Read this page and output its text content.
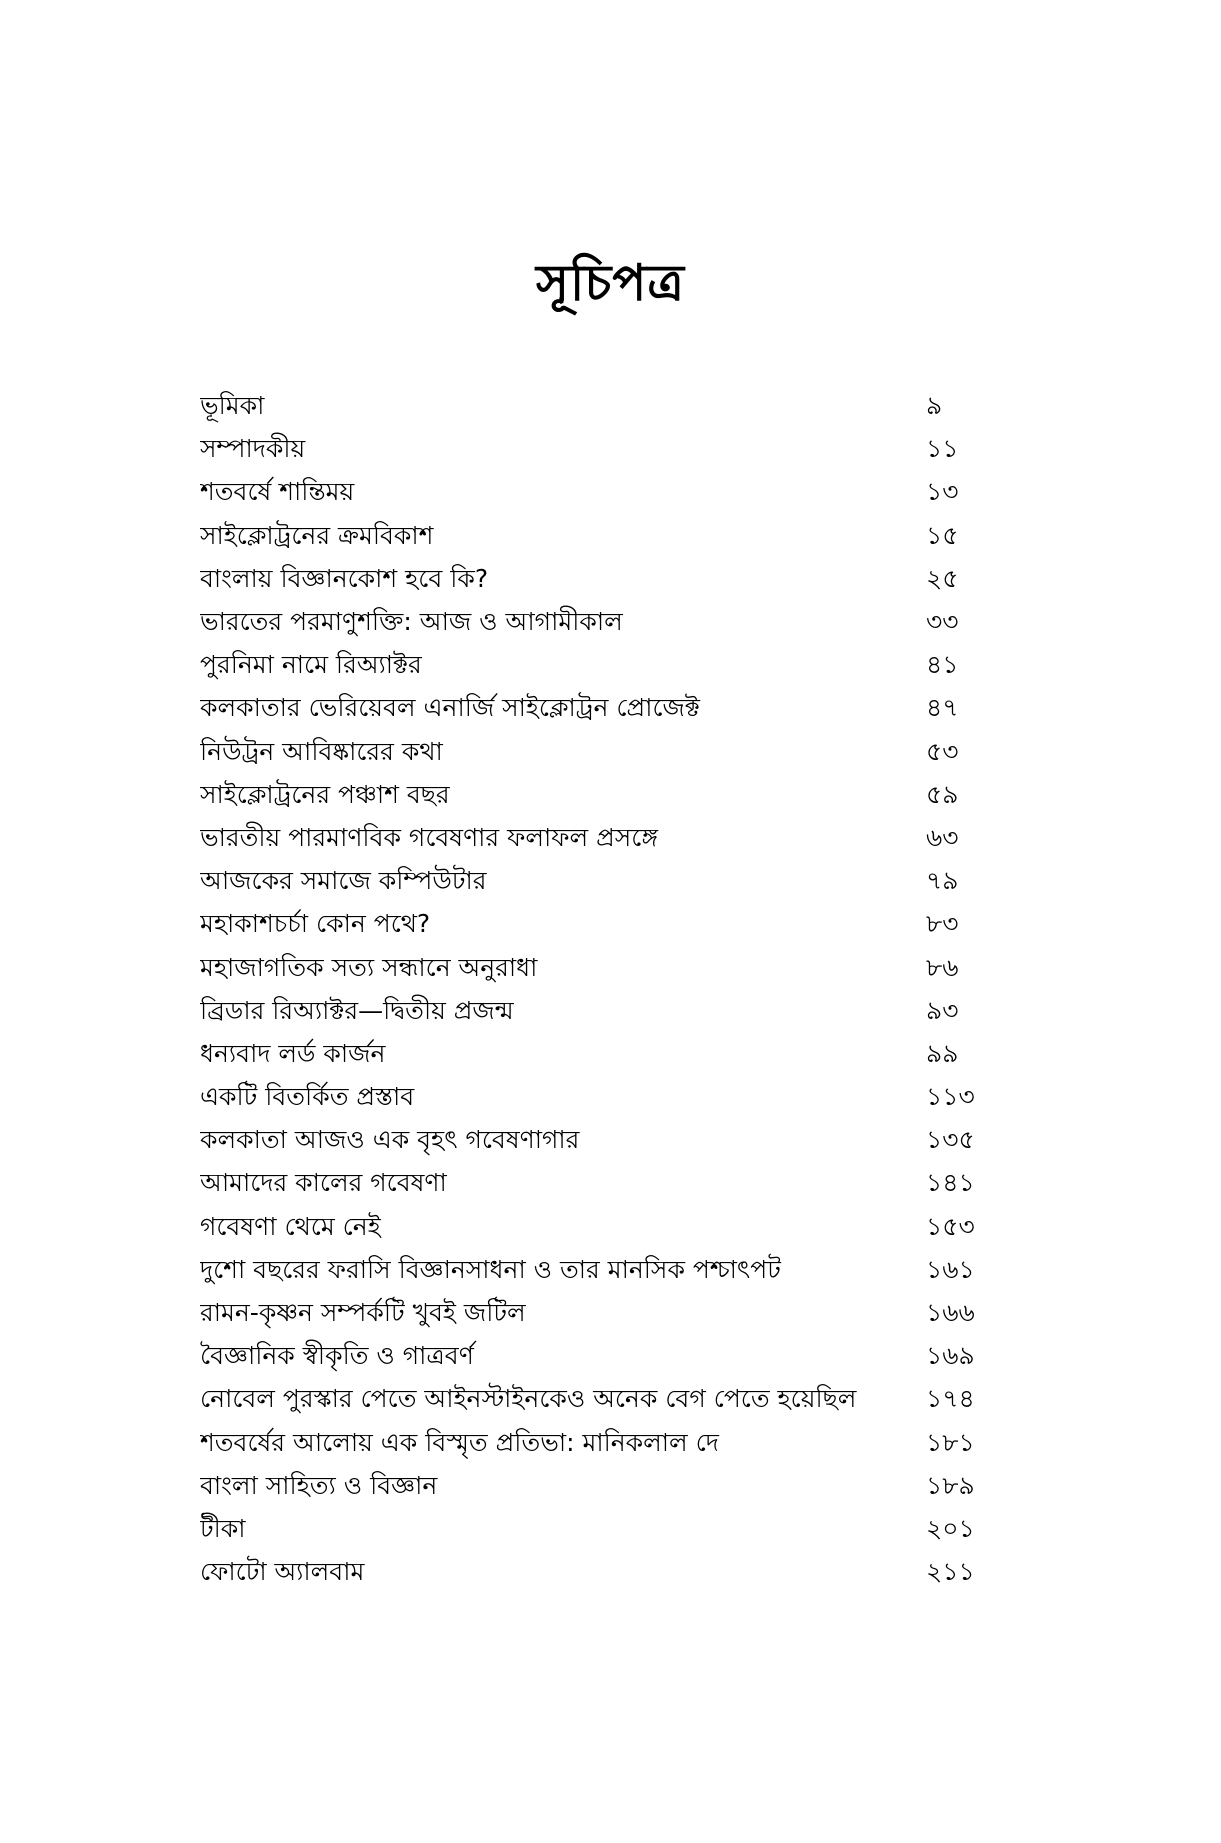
সূচিপত্র
ভূমিকা	৯
সম্পাদকীয়	১১
শতবর্ষে শান্তিময়	১৩
সাইক্লোট্রনের ক্রমবিকাশ	১৫
বাংলায় বিজ্ঞানকোশ হবে কি?	২৫
ভারতের পরমাণুশক্তি: আজ ও আগামীকাল	৩৩
পুরনিমা নামে রিঅ্যাক্টর	৪১
কলকাতার ভেরিয়েবল এনার্জি সাইক্লোট্রন প্রোজেক্ট	৪৭
নিউট্রন আবিষ্কারের কথা	৫৩
সাইক্লোট্রনের পঞ্চাশ বছর	৫৯
ভারতীয় পারমাণবিক গবেষণার ফলাফল প্রসঙ্গে	৬৩
আজকের সমাজে কম্পিউটার	৭৯
মহাকাশচর্চা কোন পথে?	৮৩
মহাজাগতিক সত্য সন্ধানে অনুরাধা	৮৬
ব্রিডার রিঅ্যাক্টর—দ্বিতীয় প্রজন্ম	৯৩
ধন্যবাদ লর্ড কার্জন	৯৯
একটি বিতর্কিত প্রস্তাব	১১৩
কলকাতা আজও এক বৃহৎ গবেষণাগার	১৩৫
আমাদের কালের গবেষণা	১৪১
গবেষণা থেমে নেই	১৫৩
দুশো বছরের ফরাসি বিজ্ঞানসাধনা ও তার মানসিক পশ্চাৎপট	১৬১
রামন-কৃষ্ণন সম্পর্কটি খুবই জটিল	১৬৬
বৈজ্ঞানিক স্বীকৃতি ও গাত্রবর্ণ	১৬৯
নোবেল পুরস্কার পেতে আইনস্টাইনকেও অনেক বেগ পেতে হয়েছিল	১৭৪
শতবর্ষের আলোয় এক বিস্মৃত প্রতিভা: মানিকলাল দে	১৮১
বাংলা সাহিত্য ও বিজ্ঞান	১৮৯
টীকা	২০১
ফোটো অ্যালবাম	২১১
